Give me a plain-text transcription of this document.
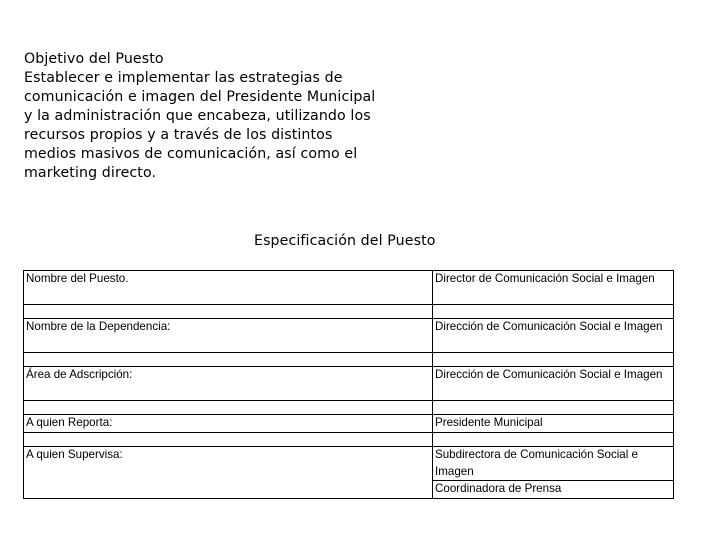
Objetivo del Puesto
Establecer e implementar las estrategias de comunicación e imagen del Presidente Municipal y la administración que encabeza, utilizando los recursos propios y a través de los distintos medios masivos de comunicación, así como el marketing directo.
Especificación del Puesto
Nombre del Puesto.	Director de Comunicación Social e Imagen

Nombre de la Dependencia:	Dirección de Comunicación Social e Imagen

Área de Adscripción:	Dirección de Comunicación Social e Imagen

A quien Reporta:	Presidente Municipal

A quien Supervisa:	Subdirectora de Comunicación Social e Imagen
	Coordinadora de Prensa
